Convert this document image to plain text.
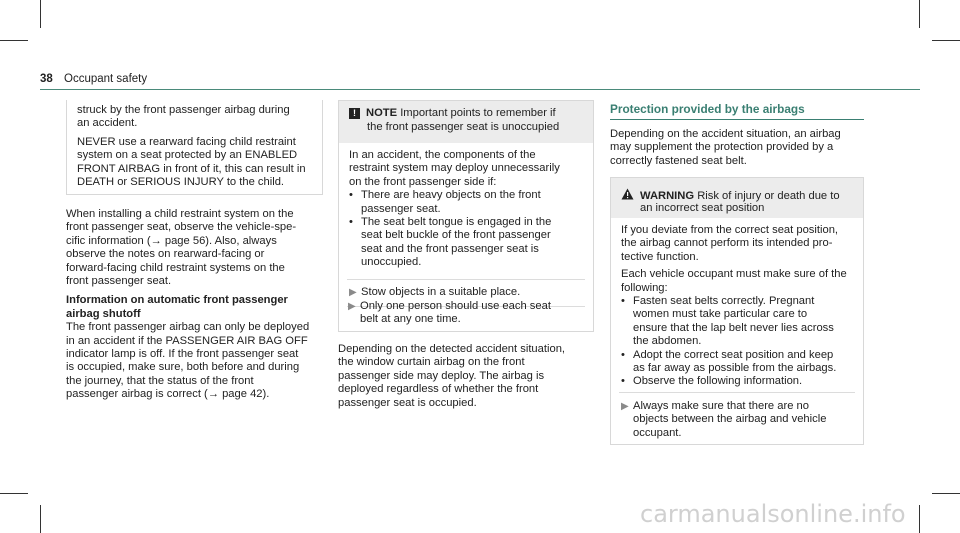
38 Occupant safety
struck by the front passenger airbag during
an accident.
NEVER use a rearward facing child restraint
system on a seat protected by an ENABLED
FRONT AIRBAG in front of it, this can result in
DEATH or SERIOUS INJURY to the child.
When installing a child restraint system on the
front passenger seat, observe the vehicle-spe-
cific information (→ page 56). Also, always
observe the notes on rearward-facing or
forward-facing child restraint systems on the
front passenger seat.
Information on automatic front passenger
airbag shutoff
The front passenger airbag can only be deployed
in an accident if the PASSENGER AIR BAG OFF
indicator lamp is off. If the front passenger seat
is occupied, make sure, both before and during
the journey, that the status of the front
passenger airbag is correct (→ page 42).
! NOTE Important points to remember if
the front passenger seat is unoccupied
In an accident, the components of the
restraint system may deploy unnecessarily
on the front passenger side if:
• There are heavy objects on the front
passenger seat.
• The seat belt tongue is engaged in the
seat belt buckle of the front passenger
seat and the front passenger seat is
unoccupied.
▶ Stow objects in a suitable place.
▶ Only one person should use each seat
belt at any one time.
Depending on the detected accident situation,
the window curtain airbag on the front
passenger side may deploy. The airbag is
deployed regardless of whether the front
passenger seat is occupied.
Protection provided by the airbags
Depending on the accident situation, an airbag
may supplement the protection provided by a
correctly fastened seat belt.
WARNING Risk of injury or death due to
an incorrect seat position
If you deviate from the correct seat position,
the airbag cannot perform its intended pro-
tective function.
Each vehicle occupant must make sure of the
following:
• Fasten seat belts correctly. Pregnant
women must take particular care to
ensure that the lap belt never lies across
the abdomen.
• Adopt the correct seat position and keep
as far away as possible from the airbags.
• Observe the following information.
▶ Always make sure that there are no
objects between the airbag and vehicle
occupant.
carmanualsonline.info
